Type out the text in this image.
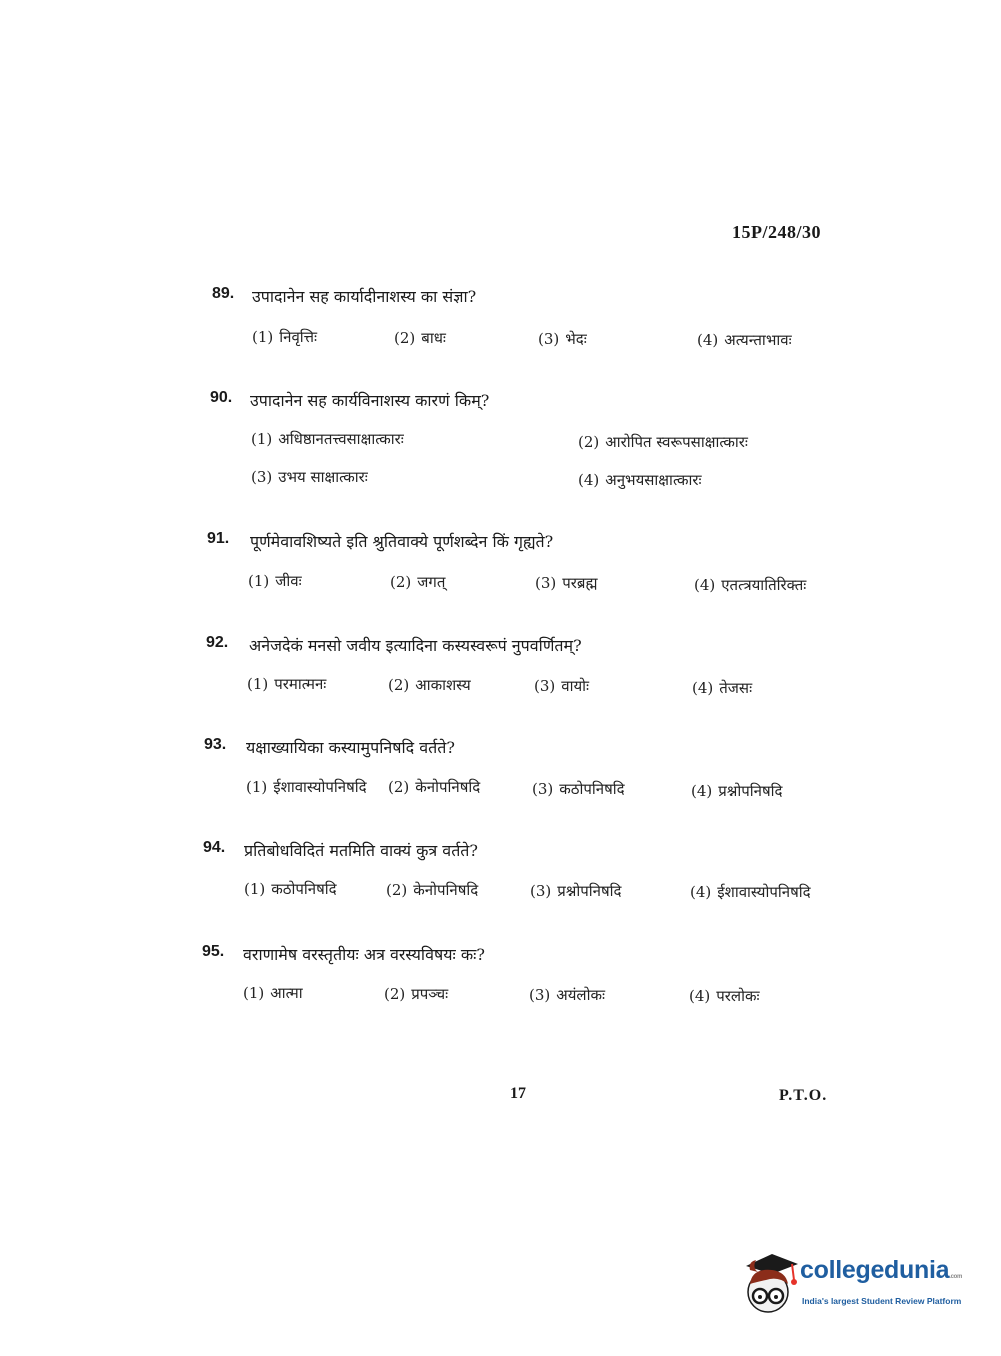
15P/248/30
89. उपादानेन सह कार्यादीनाशस्य का संज्ञा?
(1) निवृत्तिः	(2) बाधः	(3) भेदः	(4) अत्यन्ताभावः
90. उपादानेन सह कार्यविनाशस्य कारणं किम्?
(1) अधिष्ठानतत्त्वसाक्षात्कारः	(2) आरोपित स्वरूपसाक्षात्कारः
(3) उभय साक्षात्कारः	(4) अनुभयसाक्षात्कारः
91. पूर्णमेवावशिष्यते इति श्रुतिवाक्ये पूर्णशब्देन किं गृह्यते?
(1) जीवः	(2) जगत्	(3) परब्रह्म	(4) एतत्त्रयातिरिक्तः
92. अनेजदेकं मनसो जवीय इत्यादिना कस्यस्वरूपं नुपवर्णितम्?
(1) परमात्मनः	(2) आकाशस्य	(3) वायोः	(4) तेजसः
93. यक्षाख्यायिका कस्यामुपनिषदि वर्तते?
(1) ईशावास्योपनिषदि	(3) कठोपनिषदि
(2) केनोपनिषदि	(4) प्रश्नोपनिषदि
94. प्रतिबोधविदितं मतमिति वाक्यं कुत्र वर्तते?
(1) कठोपनिषदि	(2) केनोपनिषदि	(3) प्रश्नोपनिषदि	(4) ईशावास्योपनिषदि
95. वराणामेष वरस्तृतीयः अत्र वरस्यविषयः कः?
(1) आत्मा	(2) प्रपञ्चः	(3) अयंलोकः	(4) परलोकः
17	P.T.O.
collegedunia.com
India's largest Student Review Platform
